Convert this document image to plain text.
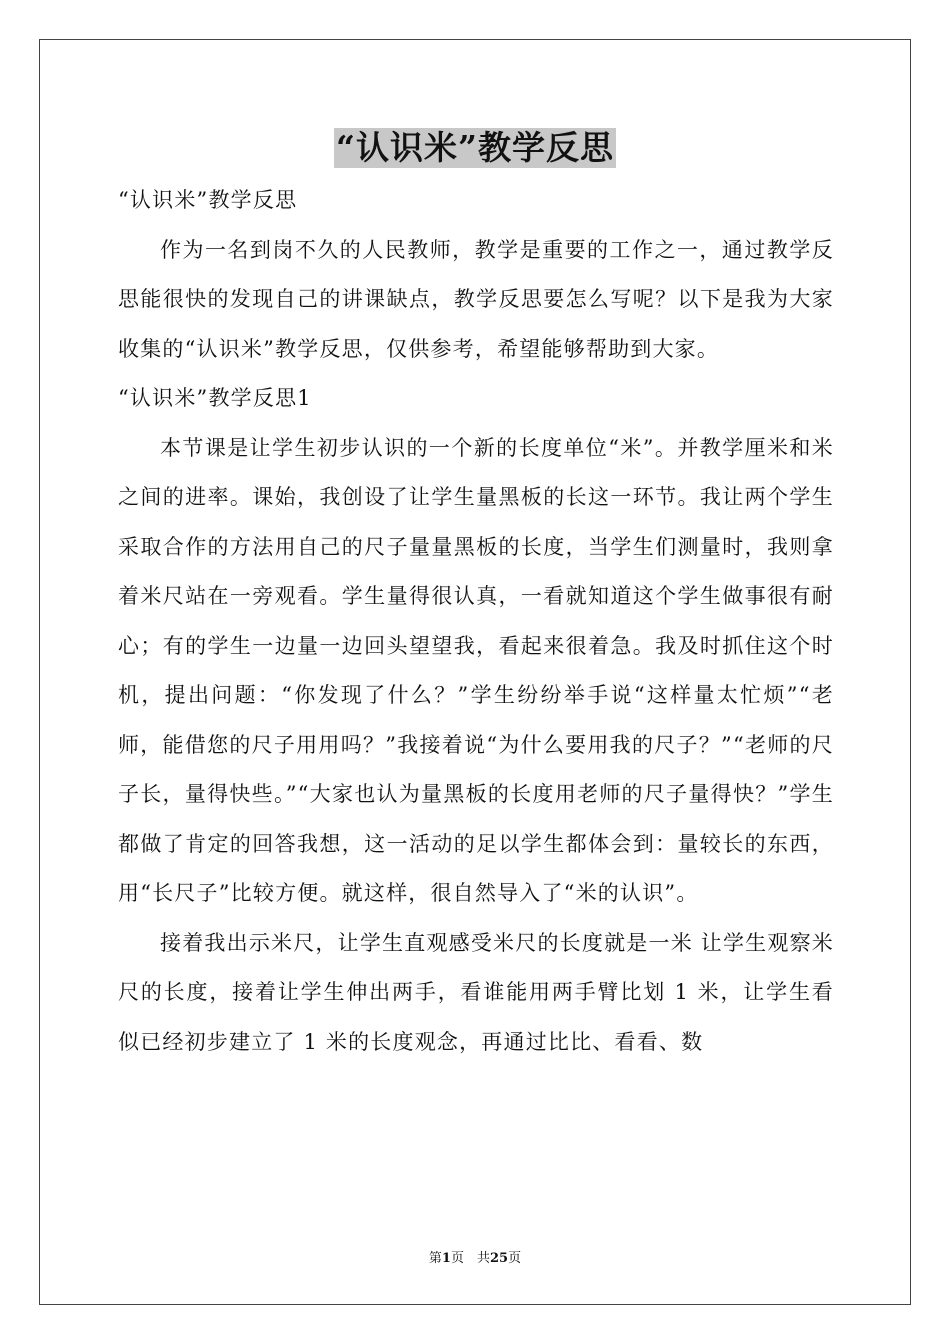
“认识米”教学反思

“认识米”教学反思

作为一名到岗不久的人民教师，教学是重要的工作之一，通过教学反思能很快的发现自己的讲课缺点，教学反思要怎么写呢？以下是我为大家收集的“认识米”教学反思，仅供参考，希望能够帮助到大家。

“认识米”教学反思1

本节课是让学生初步认识的一个新的长度单位“米”。并教学厘米和米之间的进率。课始，我创设了让学生量黑板的长这一环节。我让两个学生采取合作的方法用自己的尺子量量黑板的长度，当学生们测量时，我则拿着米尺站在一旁观看。学生量得很认真，一看就知道这个学生做事很有耐心；有的学生一边量一边回头望望我，看起来很着急。我及时抓住这个时机，提出问题：“你发现了什么？”学生纷纷举手说“这样量太忙烦”“老师，能借您的尺子用用吗？”我接着说“为什么要用我的尺子？”“老师的尺子长，量得快些。”“大家也认为量黑板的长度用老师的尺子量得快？”学生都做了肯定的回答我想，这一活动的足以学生都体会到：量较长的东西，用“长尺子”比较方便。就这样，很自然导入了“米的认识”。

接着我出示米尺，让学生直观感受米尺的长度就是一米 让学生观察米尺的长度，接着让学生伸出两手，看谁能用两手臂比划 1 米，让学生看似已经初步建立了 1 米的长度观念，再通过比比、看看、数

第1页　共25页
